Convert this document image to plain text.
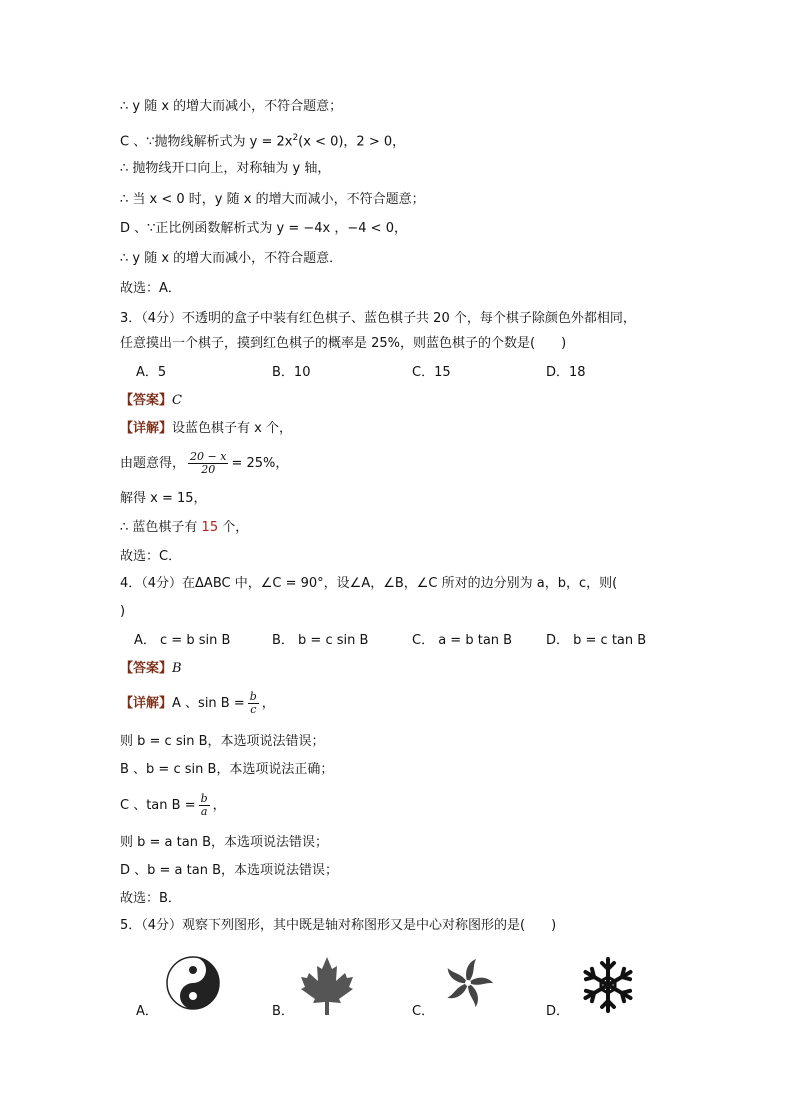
∴ y 随 x 的增大而减小，不符合题意；
C 、∵抛物线解析式为 $y = 2x^2(x < 0)$，2 > 0，
∴ 抛物线开口向上，对称轴为 y 轴，
∴ 当 x < 0 时，y 随 x 的增大而减小，不符合题意；
D 、∵正比例函数解析式为 y = −4x ，−4 < 0，
∴ y 随 x 的增大而减小，不符合题意．
故选：A．
3．（4分）不透明的盒子中装有红色棋子、蓝色棋子共 20 个，每个棋子除颜色外都相同，
任意摸出一个棋子，摸到红色棋子的概率是 25%，则蓝色棋子的个数是(　　)
A．5	B．10	C．15	D．18
【答案】C
【详解】设蓝色棋子有 x 个，
由题意得， $\frac{20 - x}{20} = 25\%$，
解得 x = 15，
∴ 蓝色棋子有 15 个，
故选：C．
4．（4分）在ΔABC 中，∠C = 90°，设∠A，∠B，∠C 所对的边分别为 a，b，c，则(
)
A． c = b sin B	B． b = c sin B	C． a = b tan B	D． b = c tan B
【答案】B
【详解】A 、$\sin B = \frac{b}{c}$ ，
则 b = c sin B，本选项说法错误；
B 、b = c sin B，本选项说法正确；
C 、$\tan B = \frac{b}{a}$ ，
则 b = a tan B，本选项说法错误；
D 、b = a tan B，本选项说法错误；
故选：B．
5．（4分）观察下列图形，其中既是轴对称图形又是中心对称图形的是(　　)
A．	B．	C．	D．
